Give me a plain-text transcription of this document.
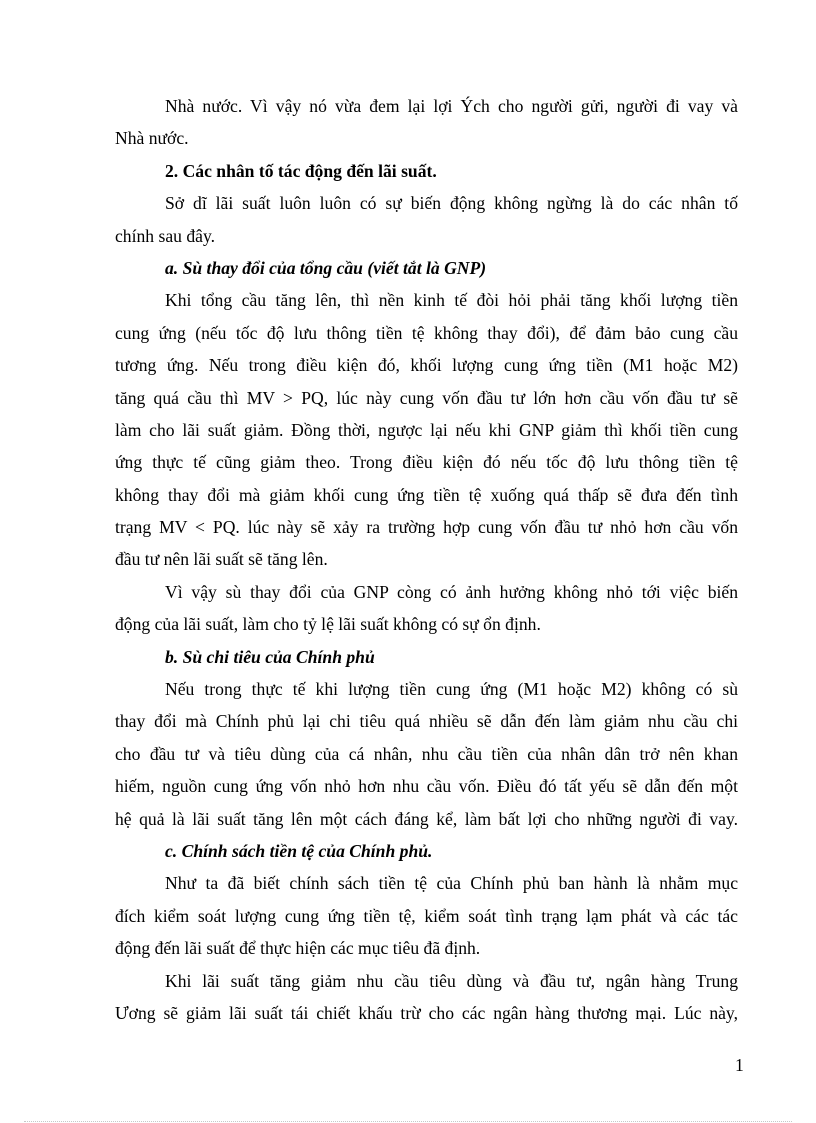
Nhà nước. Vì vậy nó vừa đem lại lợi Ých cho người gửi, người đi vay và
Nhà nước.
2. Các nhân tố tác động đến lãi suất.
Sở dĩ lãi suất luôn luôn có sự biến động không ngừng là do các nhân tố
chính sau đây.
a. Sù thay đổi của tổng cầu (viết tắt là GNP)
Khi tổng cầu tăng lên, thì nền kinh tế đòi hỏi phải tăng khối lượng tiền
cung ứng (nếu tốc độ lưu thông tiền tệ không thay đổi), để đảm bảo cung cầu
tương ứng. Nếu trong điều kiện đó, khối lượng cung ứng tiền (M1 hoặc M2)
tăng quá cầu thì MV > PQ, lúc này cung vốn đầu tư lớn hơn cầu vốn đầu tư sẽ
làm cho lãi suất giảm. Đồng thời, ngược lại nếu khi GNP giảm thì khối tiền cung
ứng thực tế cũng giảm theo. Trong điều kiện đó nếu tốc độ lưu thông tiền tệ
không thay đổi mà giảm khối cung ứng tiền tệ xuống quá thấp sẽ đưa đến tình
trạng MV < PQ. lúc này sẽ xảy ra trường hợp cung vốn đầu tư nhỏ hơn cầu vốn
đầu tư nên lãi suất sẽ tăng lên.
Vì vậy sù thay đổi của GNP còng có ảnh hưởng không nhỏ tới việc biến
động của lãi suất, làm cho tỷ lệ lãi suất không có sự ổn định.
b. Sù chi tiêu của Chính phủ
Nếu trong thực tế khi lượng tiền cung ứng (M1 hoặc M2) không có sù
thay đổi mà Chính phủ lại chi tiêu quá nhiều sẽ dẫn đến làm giảm nhu cầu chi
cho đầu tư và tiêu dùng của cá nhân, nhu cầu tiền của nhân dân trở nên khan
hiếm, nguồn cung ứng vốn nhỏ hơn nhu cầu vốn. Điều đó tất yếu sẽ dẫn đến một
hệ quả là lãi suất tăng lên một cách đáng kể, làm bất lợi cho những người đi vay.
c. Chính sách tiền tệ của Chính phủ.
Như ta đã biết chính sách tiền tệ của Chính phủ ban hành là nhằm mục
đích kiểm soát lượng cung ứng tiền tệ, kiểm soát tình trạng lạm phát và các tác
động đến lãi suất để thực hiện các mục tiêu đã định.
Khi lãi suất tăng giảm nhu cầu tiêu dùng và đầu tư, ngân hàng Trung
Ương sẽ giảm lãi suất tái chiết khấu trừ cho các ngân hàng thương mại. Lúc này,
1
